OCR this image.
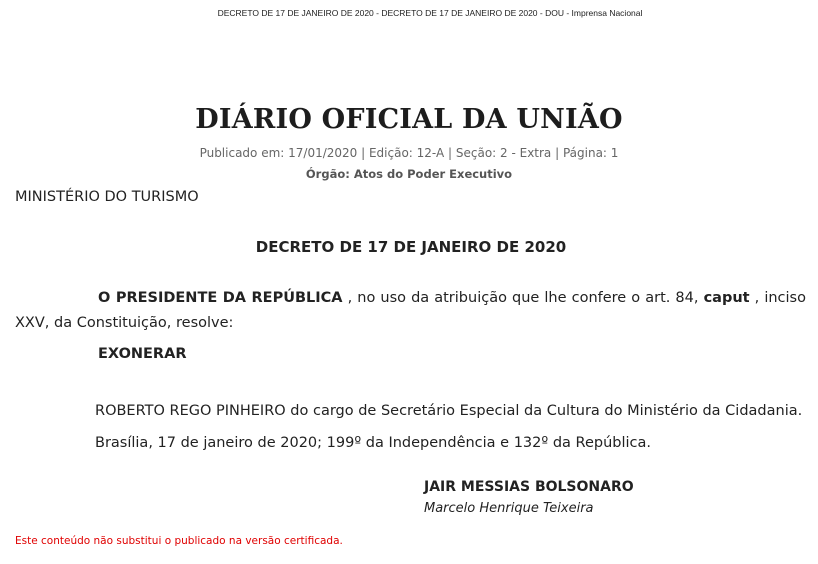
DECRETO DE 17 DE JANEIRO DE 2020 - DECRETO DE 17 DE JANEIRO DE 2020 - DOU - Imprensa Nacional
DIÁRIO OFICIAL DA UNIÃO
Publicado em: 17/01/2020 | Edição: 12-A | Seção: 2 - Extra | Página: 1
Órgão: Atos do Poder Executivo
MINISTÉRIO DO TURISMO
DECRETO DE 17 DE JANEIRO DE 2020
O PRESIDENTE DA REPÚBLICA , no uso da atribuição que lhe confere o art. 84, caput , inciso XXV, da Constituição, resolve:
EXONERAR
ROBERTO REGO PINHEIRO do cargo de Secretário Especial da Cultura do Ministério da Cidadania.
Brasília, 17 de janeiro de 2020; 199º da Independência e 132º da República.
JAIR MESSIAS BOLSONARO
Marcelo Henrique Teixeira
Este conteúdo não substitui o publicado na versão certificada.
